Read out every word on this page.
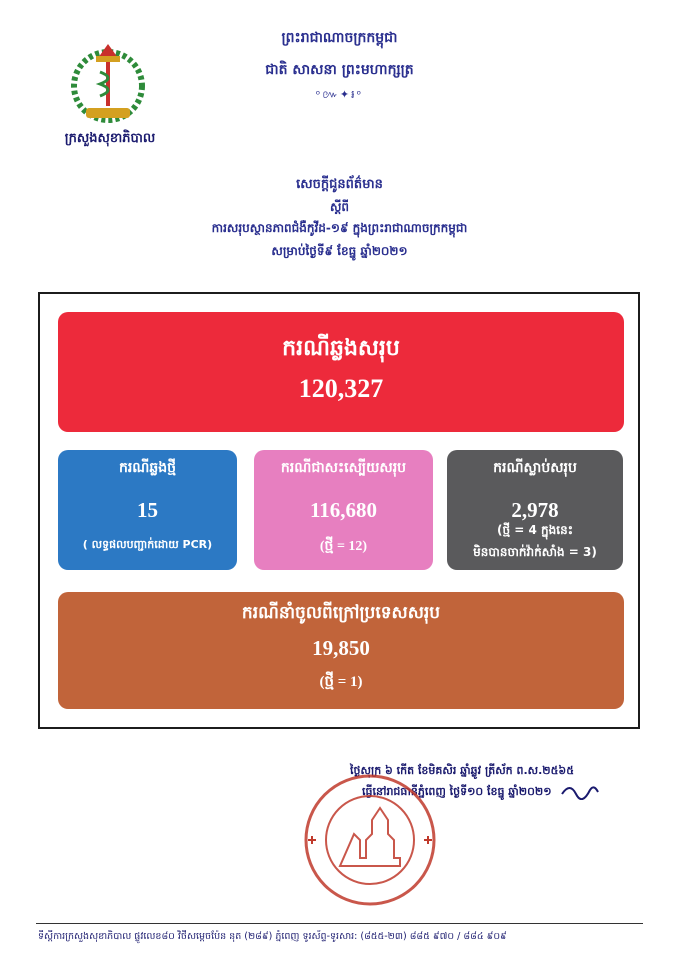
ក្រសួងសុខាភិបាល
ព្រះរាជាណាចក្រកម្ពុជា
ជាតិ សាសនា ព្រះមហាក្សត្រ
ᵒ៚✦៛ᵒ
សេចក្តីជូនព័ត៌មាន
ស្តីពី
ការសរុបស្ថានភាពជំងឺកូវីដ-១៩ ក្នុងព្រះរាជាណាចក្រកម្ពុជា
សម្រាប់ថ្ងៃទី៩ ខែធ្នូ ឆ្នាំ២០២១
ករណីឆ្លងសរុប
120,327
ករណីឆ្លងថ្មី
15
( លទ្ធផលបញ្ជាក់ដោយ PCR)
ករណីជាសះស្បើយសរុប
116,680
(ថ្មី = 12)
ករណីស្លាប់សរុប
2,978
(ថ្មី = 4 ក្នុងនេះ
មិនបានចាក់វ៉ាក់សាំង = 3)
ករណីនាំចូលពីក្រៅប្រទេសសរុប
19,850
(ថ្មី = 1)
ថ្ងៃសុក្រ ៦ កើត ខែមិគសិរ ឆ្នាំឆ្លូវ ត្រីស័ក ព.ស.២៥៦៥
ធ្វើនៅរាជធានីភ្នំពេញ ថ្ងៃទី១០ ខែធ្នូ ឆ្នាំ២០២១
ទីស្តីការក្រសួងសុខាភិបាល ផ្លូវលេខ៨០ វិថីសម្តេចប៉ែន នុត (២៨៩) ភ្នំពេញ ទូរស័ព្ទ-ទូរសារ: (៨៥៥-២៣) ៨៨៥ ៩៧០ / ៨៨៤ ៩០៩
